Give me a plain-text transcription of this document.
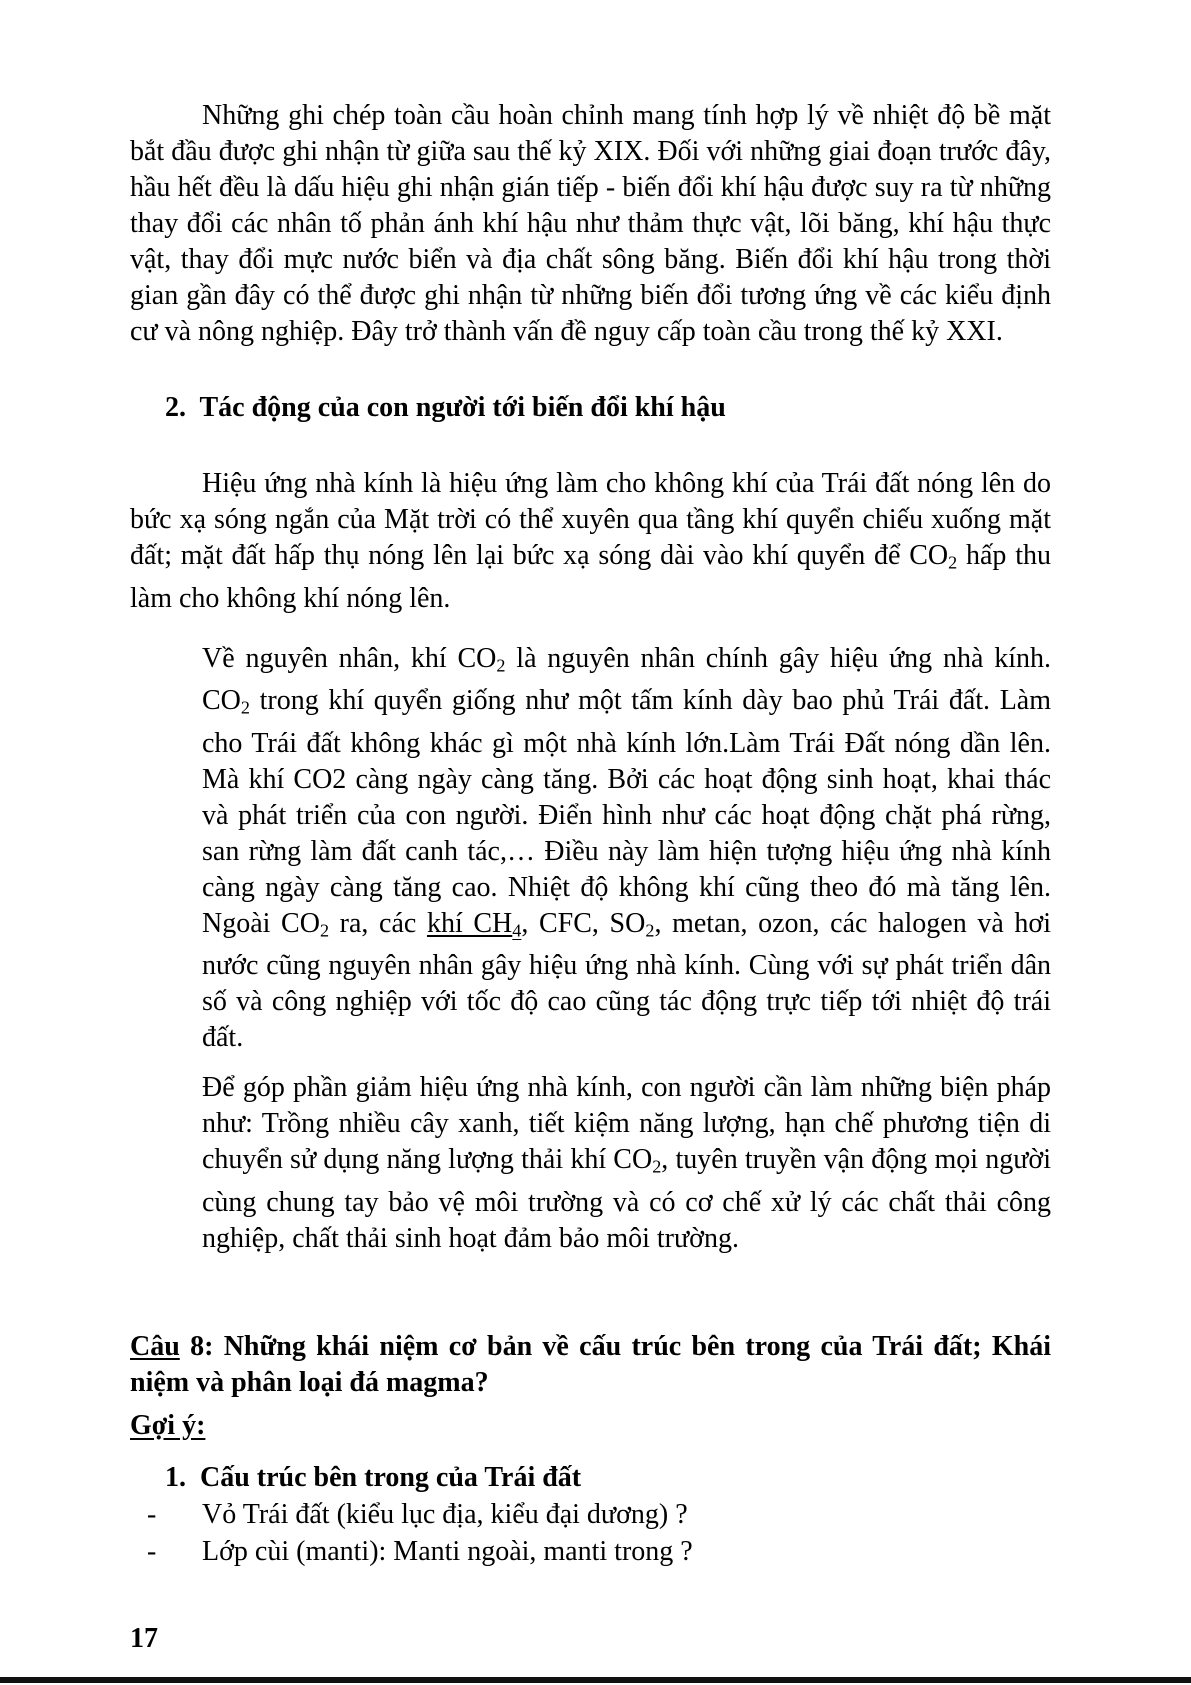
Những ghi chép toàn cầu hoàn chỉnh mang tính hợp lý về nhiệt độ bề mặt bắt đầu được ghi nhận từ giữa sau thế kỷ XIX. Đối với những giai đoạn trước đây, hầu hết đều là dấu hiệu ghi nhận gián tiếp - biến đổi khí hậu được suy ra từ những thay đổi các nhân tố phản ánh khí hậu như thảm thực vật, lõi băng, khí hậu thực vật, thay đổi mực nước biển và địa chất sông băng. Biến đổi khí hậu trong thời gian gần đây có thể được ghi nhận từ những biến đổi tương ứng về các kiểu định cư và nông nghiệp. Đây trở thành vấn đề nguy cấp toàn cầu trong thế kỷ XXI.

2. Tác động của con người tới biến đổi khí hậu

Hiệu ứng nhà kính là hiệu ứng làm cho không khí của Trái đất nóng lên do bức xạ sóng ngắn của Mặt trời có thể xuyên qua tầng khí quyển chiếu xuống mặt đất; mặt đất hấp thụ nóng lên lại bức xạ sóng dài vào khí quyển để CO2 hấp thu làm cho không khí nóng lên.

Về nguyên nhân, khí CO2 là nguyên nhân chính gây hiệu ứng nhà kính. CO2 trong khí quyển giống như một tấm kính dày bao phủ Trái đất. Làm cho Trái đất không khác gì một nhà kính lớn.Làm Trái Đất nóng dần lên. Mà khí CO2 càng ngày càng tăng. Bởi các hoạt động sinh hoạt, khai thác và phát triển của con người. Điển hình như các hoạt động chặt phá rừng, san rừng làm đất canh tác,… Điều này làm hiện tượng hiệu ứng nhà kính càng ngày càng tăng cao. Nhiệt độ không khí cũng theo đó mà tăng lên. Ngoài CO2 ra, các khí CH4, CFC, SO2, metan, ozon, các halogen và hơi nước cũng nguyên nhân gây hiệu ứng nhà kính. Cùng với sự phát triển dân số và công nghiệp với tốc độ cao cũng tác động trực tiếp tới nhiệt độ trái đất.

Để góp phần giảm hiệu ứng nhà kính, con người cần làm những biện pháp như: Trồng nhiều cây xanh, tiết kiệm năng lượng, hạn chế phương tiện di chuyển sử dụng năng lượng thải khí CO2, tuyên truyền vận động mọi người cùng chung tay bảo vệ môi trường và có cơ chế xử lý các chất thải công nghiệp, chất thải sinh hoạt đảm bảo môi trường.

Câu 8: Những khái niệm cơ bản về cấu trúc bên trong của Trái đất; Khái niệm và phân loại đá magma?

Gợi ý:

1. Cấu trúc bên trong của Trái đất

- Vỏ Trái đất (kiểu lục địa, kiểu đại dương) ?

- Lớp cùi (manti): Manti ngoài, manti trong ?

17
